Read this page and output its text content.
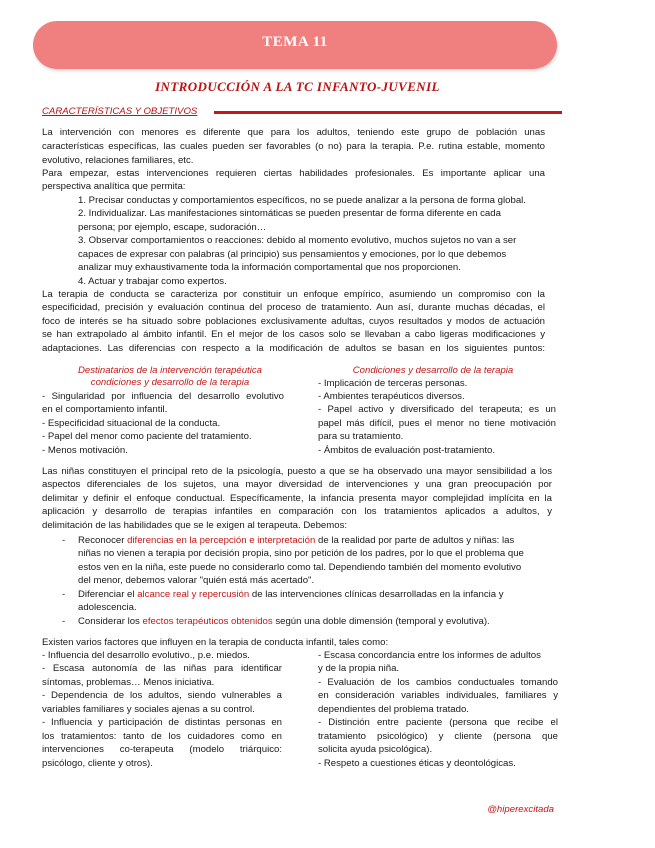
TEMA 11
INTRODUCCIÓN A LA TC INFANTO-JUVENIL
CARACTERÍSTICAS Y OBJETIVOS
La intervención con menores es diferente que para los adultos, teniendo este grupo de población unas
características específicas, las cuales pueden ser favorables (o no) para la terapia. P.e. rutina estable, momento
evolutivo, relaciones familiares, etc.
Para empezar, estas intervenciones requieren ciertas habilidades profesionales. Es importante aplicar una
perspectiva analítica que permita:
1. Precisar conductas y comportamientos específicos, no se puede analizar a la persona de forma global.
2. Individualizar. Las manifestaciones sintomáticas se pueden presentar de forma diferente en cada
persona; por ejemplo, escape, sudoración…
3. Observar comportamientos o reacciones: debido al momento evolutivo, muchos sujetos no van a ser
capaces de expresar con palabras (al principio) sus pensamientos y emociones, por lo que debemos
analizar muy exhaustivamente toda la información comportamental que nos proporcionen.
4. Actuar y trabajar como expertos.
La terapia de conducta se caracteriza por constituir un enfoque empírico, asumiendo un compromiso con la
especificidad, precisión y evaluación continua del proceso de tratamiento. Aun así, durante muchas décadas, el
foco de interés se ha situado sobre poblaciones exclusivamente adultas, cuyos resultados y modos de actuación
se han extrapolado al ámbito infantil. En el mejor de los casos solo se llevaban a cabo ligeras modificaciones y
adaptaciones. Las diferencias con respecto a la modificación de adultos se basan en los siguientes puntos:
Destinatarios de la intervención terapéutica
condiciones y desarrollo de la terapia
- Singularidad por influencia del desarrollo evolutivo
en el comportamiento infantil.
- Especificidad situacional de la conducta.
- Papel del menor como paciente del tratamiento.
- Menos motivación.
Condiciones y desarrollo de la terapia
- Implicación de terceras personas.
- Ambientes terapéuticos diversos.
- Papel activo y diversificado del terapeuta; es un
papel más difícil, pues el menor no tiene motivación
para su tratamiento.
- Ámbitos de evaluación post-tratamiento.
Las niñas constituyen el principal reto de la psicología, puesto a que se ha observado una mayor sensibilidad a los
aspectos diferenciales de los sujetos, una mayor diversidad de intervenciones y una gran preocupación por
delimitar y definir el enfoque conductual. Específicamente, la infancia presenta mayor complejidad implícita en la
aplicación y desarrollo de terapias infantiles en comparación con los tratamientos aplicados a adultos, y
delimitación de las habilidades que se le exigen al terapeuta. Debemos:
- Reconocer diferencias en la percepción e interpretación de la realidad por parte de adultos y niñas: las
niñas no vienen a terapia por decisión propia, sino por petición de los padres, por lo que el problema que
estos ven en la niña, este puede no considerarlo como tal. Dependiendo también del momento evolutivo
del menor, debemos valorar "quién está más acertado".
- Diferenciar el alcance real y repercusión de las intervenciones clínicas desarrolladas en la infancia y
adolescencia.
- Considerar los efectos terapéuticos obtenidos según una doble dimensión (temporal y evolutiva).
Existen varios factores que influyen en la terapia de conducta infantil, tales como:
- Influencia del desarrollo evolutivo., p.e. miedos.
- Escasa autonomía de las niñas para identificar
síntomas, problemas… Menos iniciativa.
- Dependencia de los adultos, siendo vulnerables a
variables familiares y sociales ajenas a su control.
- Influencia y participación de distintas personas en
los tratamientos: tanto de los cuidadores como en
intervenciones co-terapeuta (modelo triárquico:
psicólogo, cliente y otros).
- Escasa concordancia entre los informes de adultos
y de la propia niña.
- Evaluación de los cambios conductuales tomando
en consideración variables individuales, familiares y
dependientes del problema tratado.
- Distinción entre paciente (persona que recibe el
tratamiento psicológico) y cliente (persona que
solicita ayuda psicológica).
- Respeto a cuestiones éticas y deontológicas.
@hiperexcitada
